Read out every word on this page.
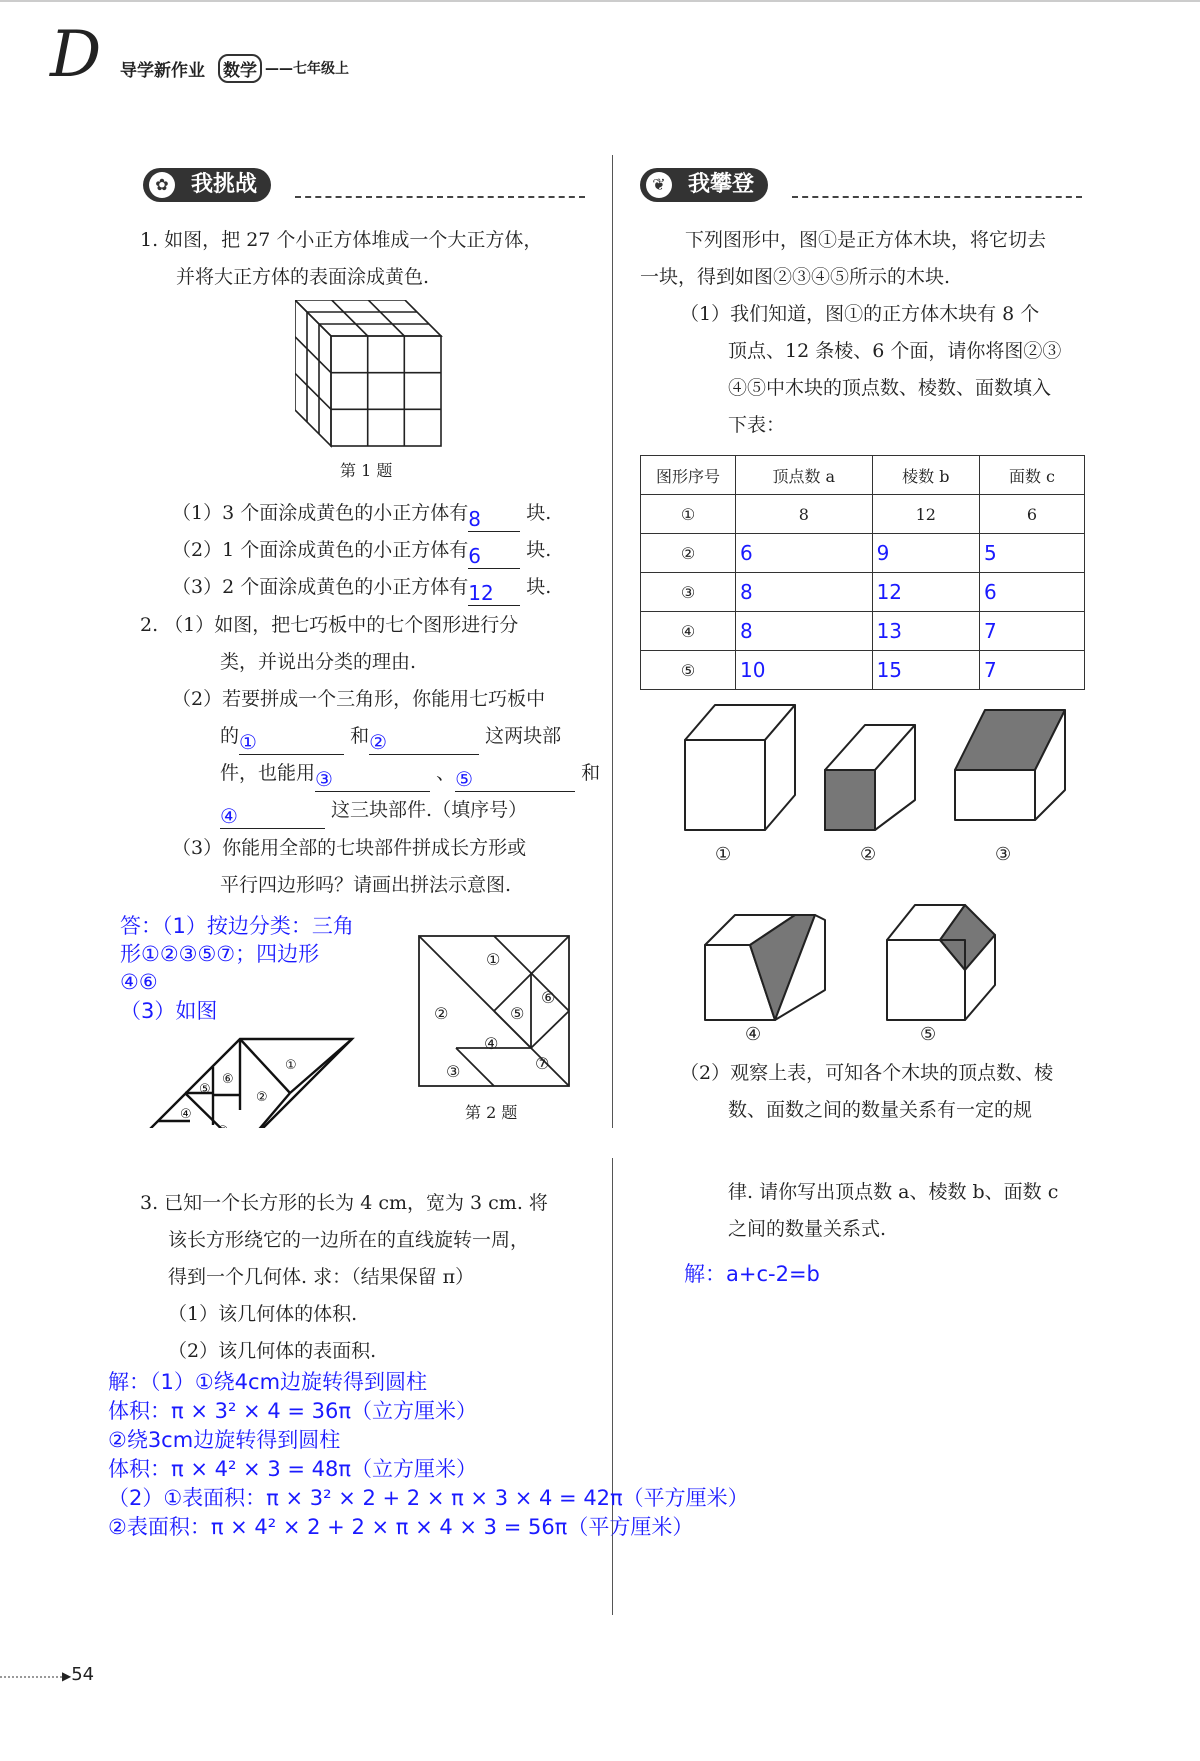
D 导学新作业 数学 ——七年级上
✿ 我挑战
1. 如图，把 27 个小正方体堆成一个大正方体，
并将大正方体的表面涂成黄色.
第 1 题
（1）3 个面涂成黄色的小正方体有8 块.
（2）1 个面涂成黄色的小正方体有6 块.
（3）2 个面涂成黄色的小正方体有12 块.
2. （1）如图，把七巧板中的七个图形进行分
类，并说出分类的理由.
（2）若要拼成一个三角形，你能用七巧板中
的①	和②	这两块部
件，也能用③	、⑤	和
④	这三块部件.（填序号）
（3）你能用全部的七块部件拼成长方形或
平行四边形吗？请画出拼法示意图.
答：（1）按边分类：三角
形①②③⑤⑦；四边形
④⑥
（3）如图
①
②
④
⑤
⑥
①
②
③
④
⑤
⑥
⑦
第 2 题
3. 已知一个长方形的长为 4 cm，宽为 3 cm. 将
该长方形绕它的一边所在的直线旋转一周，
得到一个几何体. 求：（结果保留 π）
（1）该几何体的体积.
（2）该几何体的表面积.
解：（1）①绕4cm边旋转得到圆柱
体积：π × 3² × 4 = 36π（立方厘米）
②绕3cm边旋转得到圆柱
体积：π × 4² × 3 = 48π（立方厘米）
（2）①表面积：π × 3² × 2 + 2 × π × 3 × 4 = 42π（平方厘米）
②表面积：π × 4² × 2 + 2 × π × 4 × 3 = 56π（平方厘米）
❦ 我攀登
下列图形中，图①是正方体木块，将它切去
一块，得到如图②③④⑤所示的木块.
（1）我们知道，图①的正方体木块有 8 个
顶点、12 条棱、6 个面，请你将图②③
④⑤中木块的顶点数、棱数、面数填入
下表：
图形序号	顶点数 a	棱数 b	面数 c
①	8	12	6
②	6	9	5
③	8	12	6
④	8	13	7
⑤	10	15	7
①	②	③
④	⑤
（2）观察上表，可知各个木块的顶点数、棱
数、面数之间的数量关系有一定的规
律. 请你写出顶点数 a、棱数 b、面数 c
之间的数量关系式.
解：a+c-2=b
▶54
